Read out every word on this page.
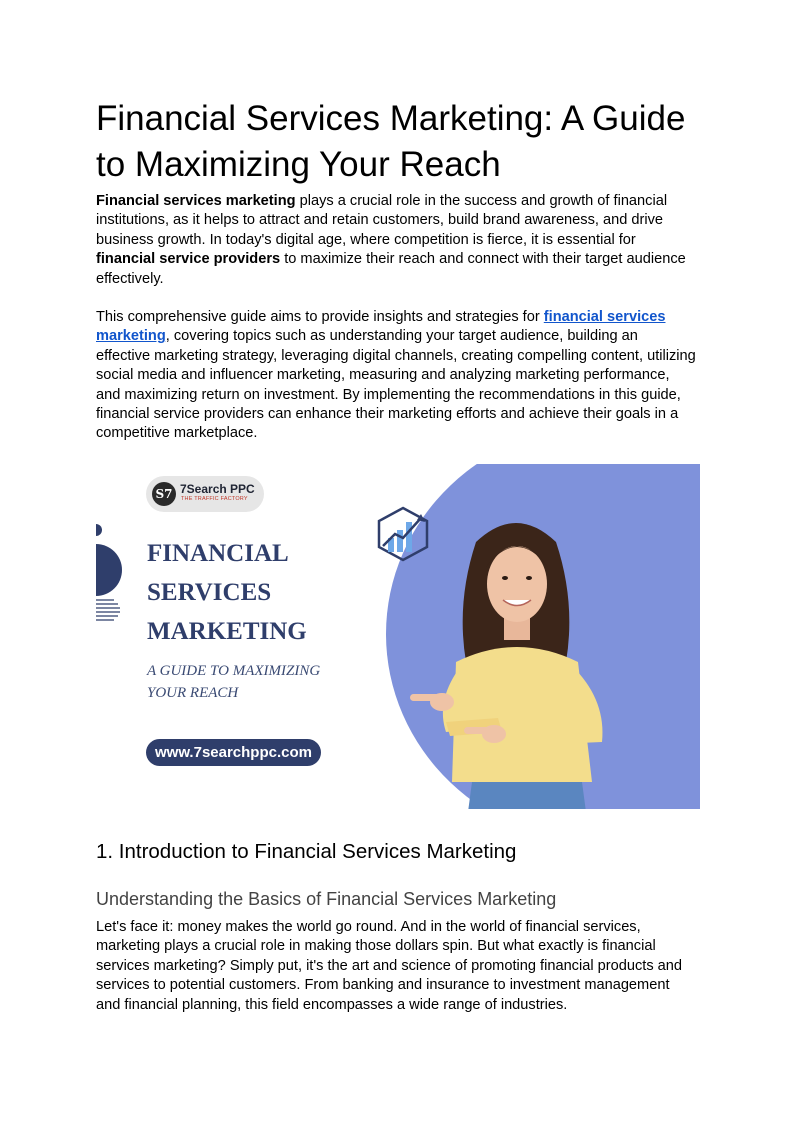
Financial Services Marketing: A Guide to Maximizing Your Reach

Financial services marketing plays a crucial role in the success and growth of financial institutions, as it helps to attract and retain customers, build brand awareness, and drive business growth. In today's digital age, where competition is fierce, it is essential for financial service providers to maximize their reach and connect with their target audience effectively.

This comprehensive guide aims to provide insights and strategies for financial services marketing, covering topics such as understanding your target audience, building an effective marketing strategy, leveraging digital channels, creating compelling content, utilizing social media and influencer marketing, measuring and analyzing marketing performance, and maximizing return on investment. By implementing the recommendations in this guide, financial service providers can enhance their marketing efforts and achieve their goals in a competitive marketplace.

S7 7Search PPC
THE TRAFFIC FACTORY
FINANCIAL
SERVICES
MARKETING
A GUIDE TO MAXIMIZING
YOUR REACH
www.7searchppc.com
1. Introduction to Financial Services Marketing
Understanding the Basics of Financial Services Marketing

Let's face it: money makes the world go round. And in the world of financial services, marketing plays a crucial role in making those dollars spin. But what exactly is financial services marketing? Simply put, it's the art and science of promoting financial products and services to potential customers. From banking and insurance to investment management and financial planning, this field encompasses a wide range of industries.
